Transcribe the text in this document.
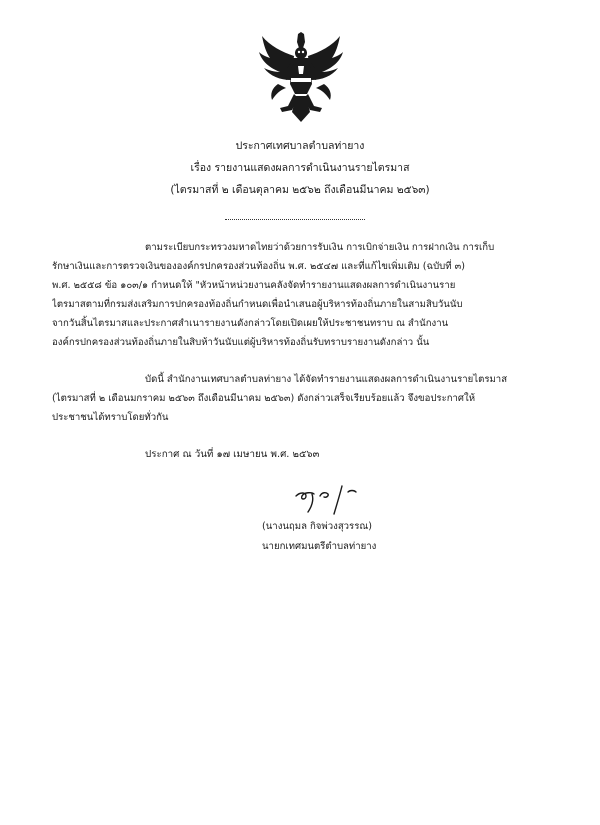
ประกาศเทศบาลตำบลท่ายาง
เรื่อง รายงานแสดงผลการดำเนินงานรายไตรมาส
(ไตรมาสที่ ๒ เดือนตุลาคม ๒๕๖๒ ถึงเดือนมีนาคม ๒๕๖๓)
ตามระเบียบกระทรวงมหาดไทยว่าด้วยการรับเงิน การเบิกจ่ายเงิน การฝากเงิน การเก็บ
รักษาเงินและการตรวจเงินขององค์กรปกครองส่วนท้องถิ่น พ.ศ. ๒๕๔๗ และที่แก้ไขเพิ่มเติม (ฉบับที่ ๓)
พ.ศ. ๒๕๕๘ ข้อ ๑๐๓/๑ กำหนดให้ "หัวหน้าหน่วยงานคลังจัดทำรายงานแสดงผลการดำเนินงานราย
ไตรมาสตามที่กรมส่งเสริมการปกครองท้องถิ่นกำหนดเพื่อนำเสนอผู้บริหารท้องถิ่นภายในสามสิบวันนับ
จากวันสิ้นไตรมาสและประกาศสำเนารายงานดังกล่าวโดยเปิดเผยให้ประชาชนทราบ ณ สำนักงาน
องค์กรปกครองส่วนท้องถิ่นภายในสิบห้าวันนับแต่ผู้บริหารท้องถิ่นรับทราบรายงานดังกล่าว นั้น
บัดนี้ สำนักงานเทศบาลตำบลท่ายาง ได้จัดทำรายงานแสดงผลการดำเนินงานรายไตรมาส
(ไตรมาสที่ ๒ เดือนมกราคม ๒๕๖๓ ถึงเดือนมีนาคม ๒๕๖๓) ดังกล่าวเสร็จเรียบร้อยแล้ว จึงขอประกาศให้
ประชาชนได้ทราบโดยทั่วกัน
ประกาศ ณ วันที่ ๑๗ เมษายน พ.ศ. ๒๕๖๓
(นางนฤมล กิจพ่วงสุวรรณ)
นายกเทศมนตรีตำบลท่ายาง
